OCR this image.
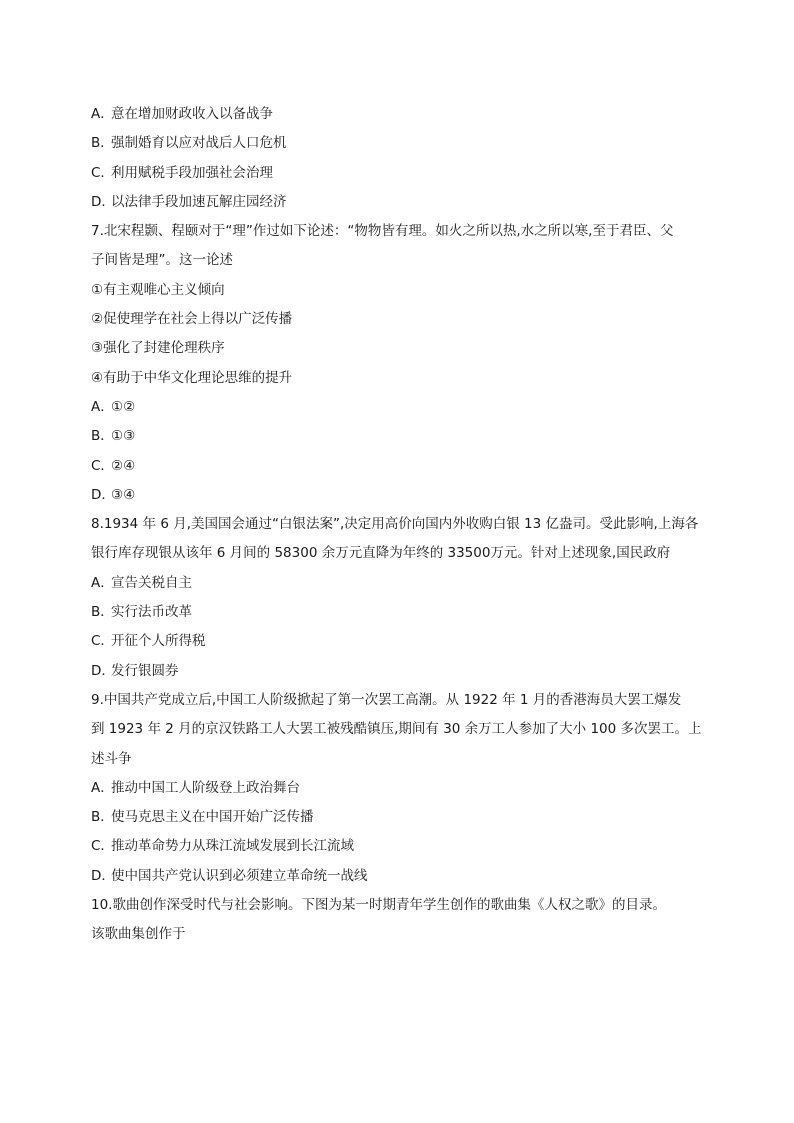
A．意在增加财政收入以备战争
B．强制婚育以应对战后人口危机
C．利用赋税手段加强社会治理
D．以法律手段加速瓦解庄园经济
7.北宋程颢、程颐对于“理”作过如下论述：“物物皆有理。如火之所以热,水之所以寒,至于君臣、父
子间皆是理”。这一论述
①有主观唯心主义倾向
②促使理学在社会上得以广泛传播
③强化了封建伦理秩序
④有助于中华文化理论思维的提升
A．①②
B．①③
C．②④
D．③④
8.1934 年 6 月,美国国会通过“白银法案”,决定用高价向国内外收购白银 13 亿盎司。受此影响,上海各
银行库存现银从该年 6 月间的 58300 余万元直降为年终的 33500万元。针对上述现象,国民政府
A．宣告关税自主
B．实行法币改革
C．开征个人所得税
D．发行银圆券
9.中国共产党成立后,中国工人阶级掀起了第一次罢工高潮。从 1922 年 1 月的香港海员大罢工爆发
到 1923 年 2 月的京汉铁路工人大罢工被残酷镇压,期间有 30 余万工人参加了大小 100 多次罢工。上
述斗争
A．推动中国工人阶级登上政治舞台
B．使马克思主义在中国开始广泛传播
C．推动革命势力从珠江流域发展到长江流域
D．使中国共产党认识到必须建立革命统一战线
10.歌曲创作深受时代与社会影响。下图为某一时期青年学生创作的歌曲集《人权之歌》的目录。
该歌曲集创作于
